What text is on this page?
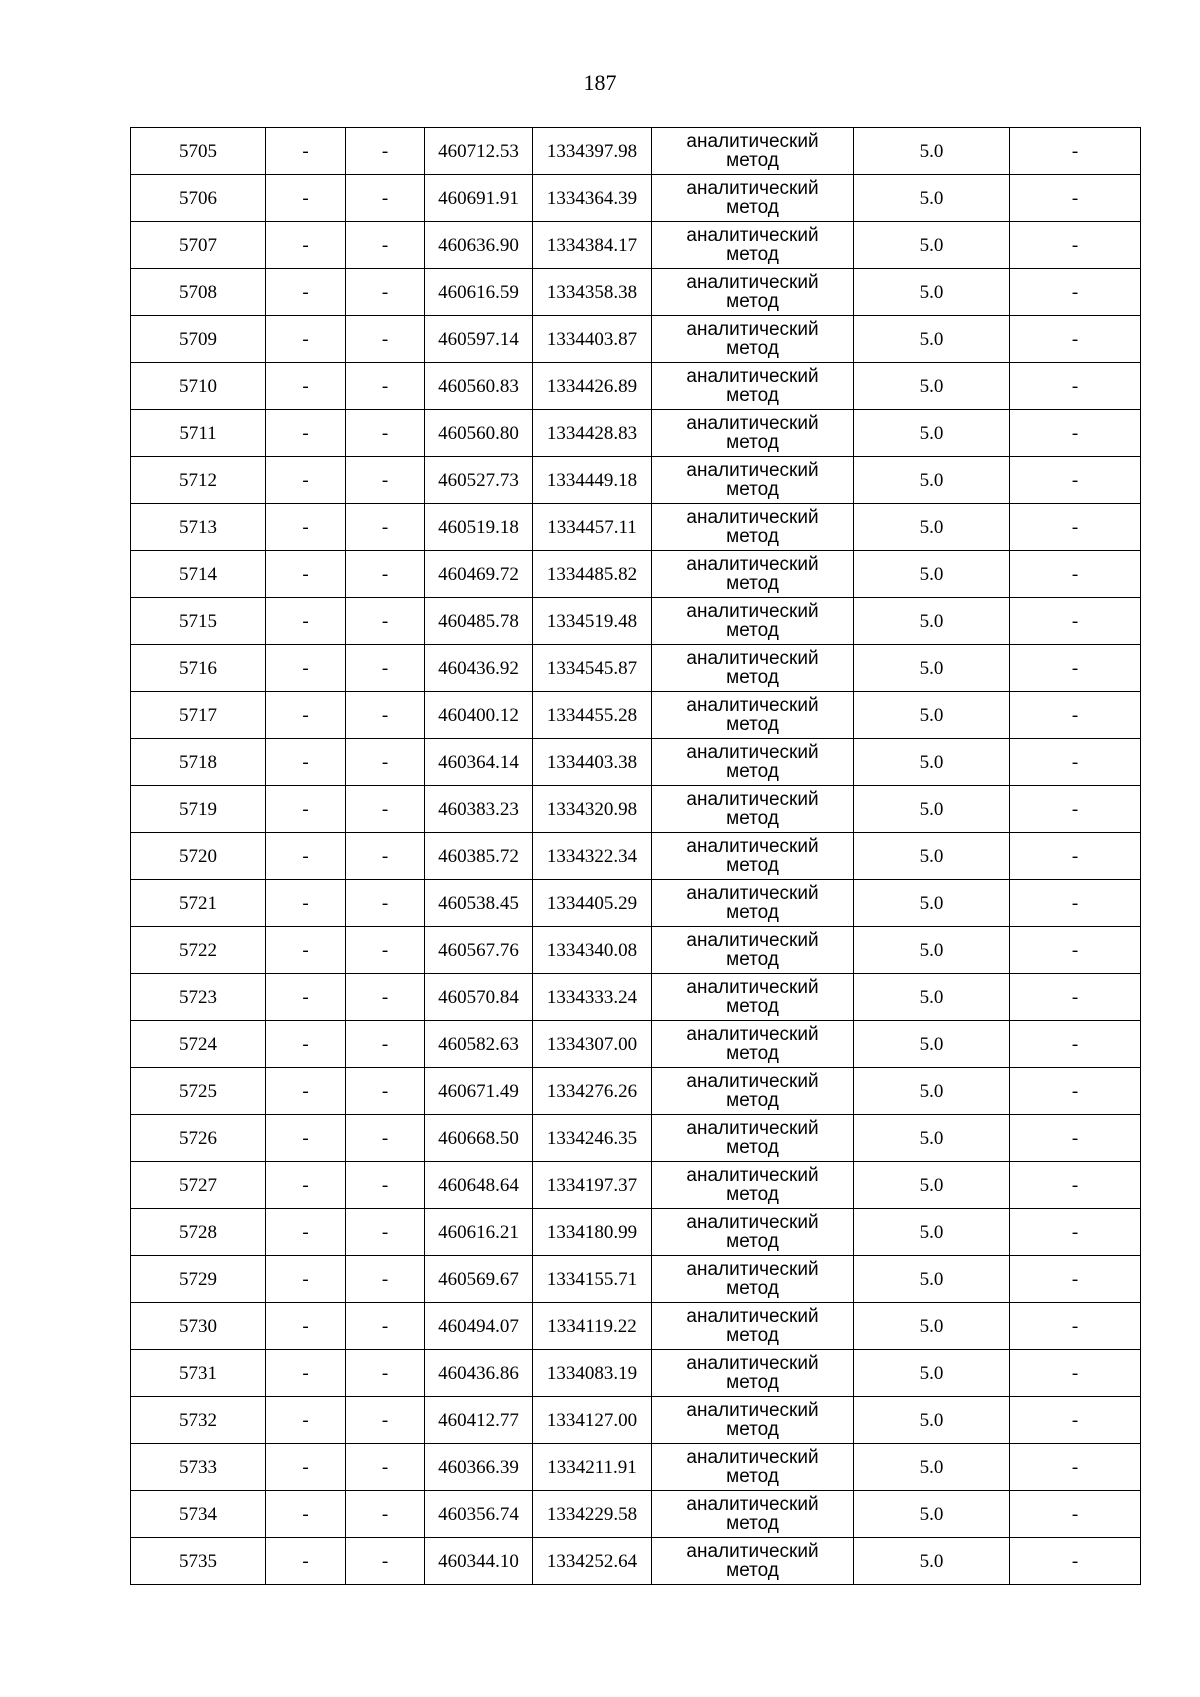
187
5705	-	-	460712.53	1334397.98	аналитический
метод	5.0	-
5706	-	-	460691.91	1334364.39	аналитический
метод	5.0	-
5707	-	-	460636.90	1334384.17	аналитический
метод	5.0	-
5708	-	-	460616.59	1334358.38	аналитический
метод	5.0	-
5709	-	-	460597.14	1334403.87	аналитический
метод	5.0	-
5710	-	-	460560.83	1334426.89	аналитический
метод	5.0	-
5711	-	-	460560.80	1334428.83	аналитический
метод	5.0	-
5712	-	-	460527.73	1334449.18	аналитический
метод	5.0	-
5713	-	-	460519.18	1334457.11	аналитический
метод	5.0	-
5714	-	-	460469.72	1334485.82	аналитический
метод	5.0	-
5715	-	-	460485.78	1334519.48	аналитический
метод	5.0	-
5716	-	-	460436.92	1334545.87	аналитический
метод	5.0	-
5717	-	-	460400.12	1334455.28	аналитический
метод	5.0	-
5718	-	-	460364.14	1334403.38	аналитический
метод	5.0	-
5719	-	-	460383.23	1334320.98	аналитический
метод	5.0	-
5720	-	-	460385.72	1334322.34	аналитический
метод	5.0	-
5721	-	-	460538.45	1334405.29	аналитический
метод	5.0	-
5722	-	-	460567.76	1334340.08	аналитический
метод	5.0	-
5723	-	-	460570.84	1334333.24	аналитический
метод	5.0	-
5724	-	-	460582.63	1334307.00	аналитический
метод	5.0	-
5725	-	-	460671.49	1334276.26	аналитический
метод	5.0	-
5726	-	-	460668.50	1334246.35	аналитический
метод	5.0	-
5727	-	-	460648.64	1334197.37	аналитический
метод	5.0	-
5728	-	-	460616.21	1334180.99	аналитический
метод	5.0	-
5729	-	-	460569.67	1334155.71	аналитический
метод	5.0	-
5730	-	-	460494.07	1334119.22	аналитический
метод	5.0	-
5731	-	-	460436.86	1334083.19	аналитический
метод	5.0	-
5732	-	-	460412.77	1334127.00	аналитический
метод	5.0	-
5733	-	-	460366.39	1334211.91	аналитический
метод	5.0	-
5734	-	-	460356.74	1334229.58	аналитический
метод	5.0	-
5735	-	-	460344.10	1334252.64	аналитический
метод	5.0	-
